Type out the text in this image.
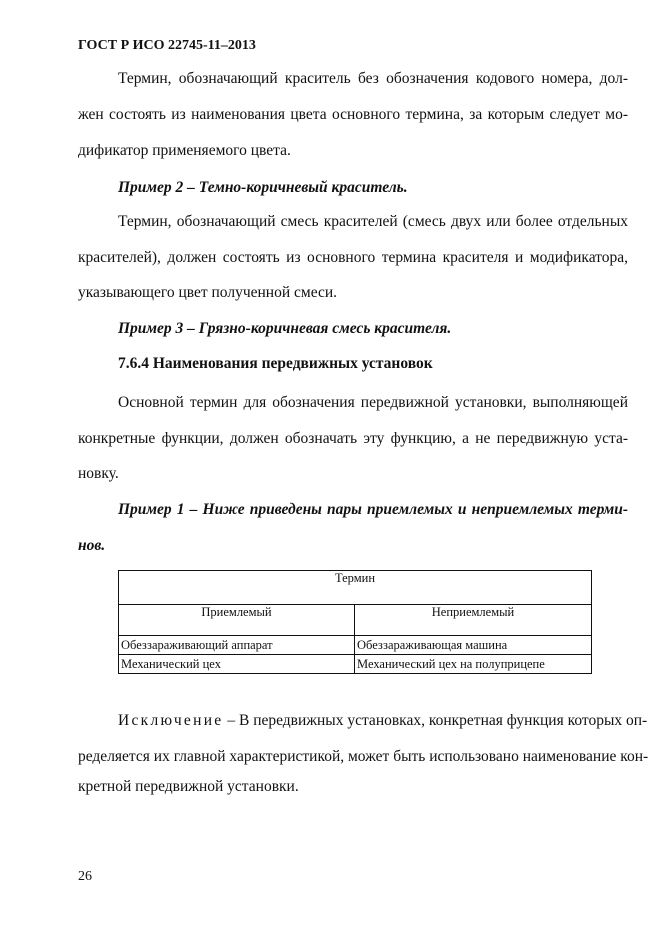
ГОСТ Р ИСО 22745-11–2013
Термин, обозначающий краситель без обозначения кодового номера, дол-
жен состоять из наименования цвета основного термина, за которым следует мо-
дификатор применяемого цвета.
Пример 2 – Темно-коричневый краситель.
Термин, обозначающий смесь красителей (смесь двух или более отдельных
красителей), должен состоять из основного термина красителя и модификатора,
указывающего цвет полученной смеси.
Пример 3 – Грязно-коричневая смесь красителя.
7.6.4 Наименования передвижных установок
Основной термин для обозначения передвижной установки, выполняющей
конкретные функции, должен обозначать эту функцию, а не передвижную уста-
новку.
Пример 1 – Ниже приведены пары приемлемых и неприемлемых терми-
нов.
Термин	
Приемлемый	Неприемлемый
Обеззараживающий аппарат	Обеззараживающая машина
Механический цех	Механический цех на полуприцепе
Исключение – В передвижных установках, конкретная функция которых оп-
ределяется их главной характеристикой, может быть использовано наименование кон-
кретной передвижной установки.
26
